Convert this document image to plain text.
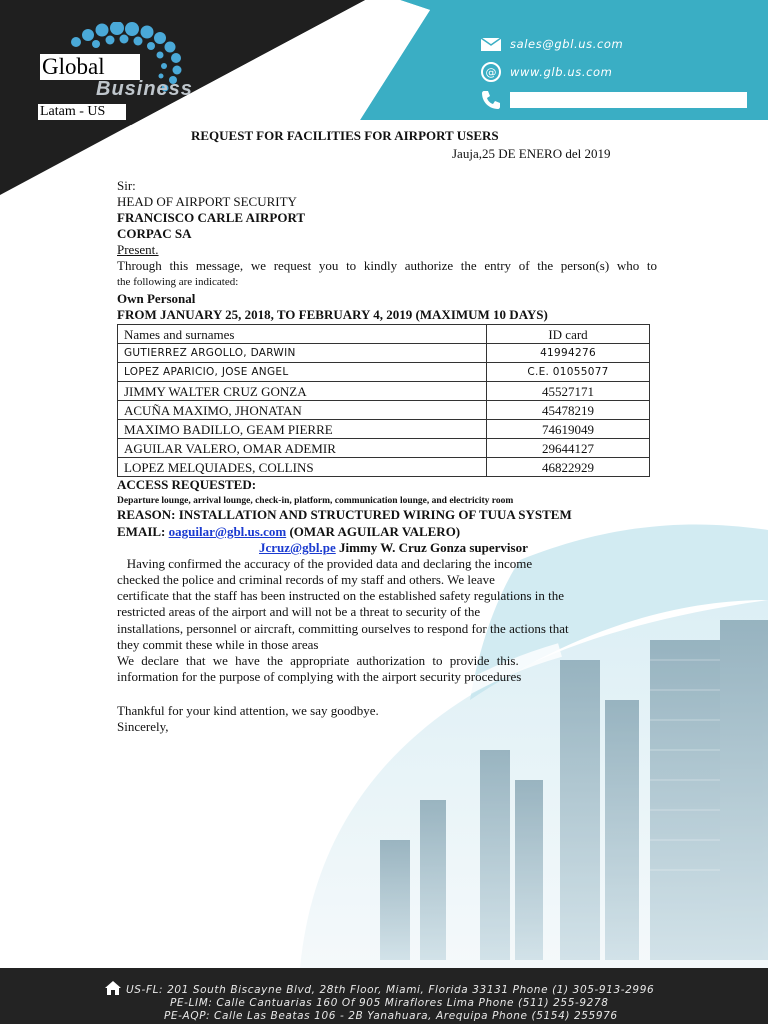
Global
Business
Latam - US
sales@gbl.us.com
@ www.glb.us.com
Lima - PE Phone (511) 255-9278
REQUEST FOR FACILITIES FOR AIRPORT USERS
Jauja,25 DE ENERO del 2019
Sir:
HEAD OF AIRPORT SECURITY
FRANCISCO CARLE AIRPORT
CORPAC SA
Present.
Through this message, we request you to kindly authorize the entry of the person(s) who to
the following are indicated:
Own Personal
FROM JANUARY 25, 2018, TO FEBRUARY 4, 2019 (MAXIMUM 10 DAYS)
Names and surnames	ID card
GUTIERREZ ARGOLLO, DARWIN	41994276
LOPEZ APARICIO, JOSE ANGEL	C.E. 01055077
JIMMY WALTER CRUZ GONZA	45527171
ACUÑA MAXIMO, JHONATAN	45478219
MAXIMO BADILLO, GEAM PIERRE	74619049
AGUILAR VALERO, OMAR ADEMIR	29644127
LOPEZ MELQUIADES, COLLINS	46822929
ACCESS REQUESTED:
Departure lounge, arrival lounge, check-in, platform, communication lounge, and electricity room
REASON: INSTALLATION AND STRUCTURED WIRING OF TUUA SYSTEM
EMAIL: oaguilar@gbl.us.com (OMAR AGUILAR VALERO)
Jcruz@gbl.pe Jimmy W. Cruz Gonza supervisor
Having confirmed the accuracy of the provided data and declaring the income
checked the police and criminal records of my staff and others. We leave
certificate that the staff has been instructed on the established safety regulations in the
restricted areas of the airport and will not be a threat to security of the
installations, personnel or aircraft, committing ourselves to respond for the actions that
they commit these while in those areas
We declare that we have the appropriate authorization to provide this.
information for the purpose of complying with the airport security procedures
Thankful for your kind attention, we say goodbye.
Sincerely,
US-FL: 201 South Biscayne Blvd, 28th Floor, Miami, Florida 33131 Phone (1) 305-913-2996
PE-LIM: Calle Cantuarias 160 Of 905 Miraflores Lima Phone (511) 255-9278
PE-AQP: Calle Las Beatas 106 - 2B Yanahuara, Arequipa Phone (5154) 255976
